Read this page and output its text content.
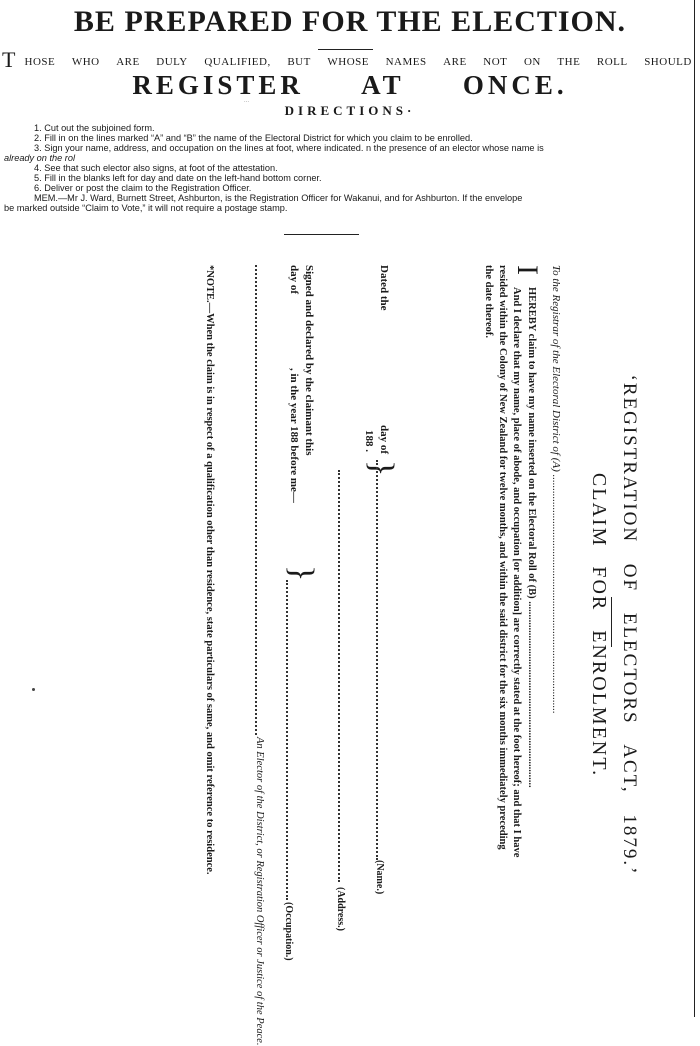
BE PREPARED FOR THE ELECTION.
T HOSE WHO ARE DULY QUALIFIED, BUT WHOSE NAMES ARE NOT ON THE ROLL SHOULD
REGISTER AT ONCE.
···
DIRECTIONS·
1. Cut out the subjoined form.
2. Fill in on the lines marked “A” and “B” the name of the Electoral District for which you claim to be enrolled.
3. Sign your name, address, and occupation on the lines at foot, where indicated. n the presence of an elector whose name is
already on the rol
4. See that such elector also signs, at foot of the attestation.
5. Fill in the blanks left for day and date on the left-hand bottom corner.
6. Deliver or post the claim to the Registration Officer.
MEM.—Mr J. Ward, Burnett Street, Ashburton, is the Registration Officer for Wakanui, and for Ashburton. If the envelope
be marked outside “Claim to Vote,” it will not require a postage stamp.
‘REGISTRATION OF ELECTORS ACT, 1879.’
CLAIM FOR ENROLMENT.
To the Registrar of the Electoral District of (A) .......................................................................................
I
HEREBY claim to have my name inserted on the Electoral Roll of (B) .......................................................................
And I declare that my name, place of abode, and occupation [or addition] are correctly stated at the foot hereof; and that I have
resided within the Colony of New Zealand for twelve months, and within the said district for the six months immediately preceding
the date thereof.
Dated the
day of
188 .
}
(Name.)
(Address.)
Signed and declared by the claimant this
day of
, in the year 188 before me—
}
(Occupation.)
An Elector of the District, or Registration Officer or Justice of the Peace.
*NOTE.—When the claim is in respect of a qualification other than residence, state particulars of same, and omit reference to residence.
